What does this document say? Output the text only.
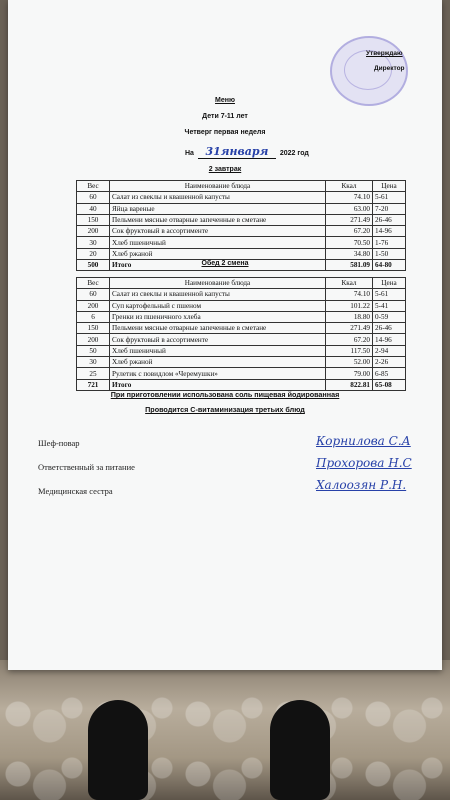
Утверждаю
Директор
Меню
Дети 7-11 лет
Четверг первая неделя
На 31января 2022 год
2 завтрак
Вес	Наименование блюда	Ккал	Цена
60	Салат из свеклы и квашенной капусты	74.10	5-61
40	Яйца вареные	63.00	7-20
150	Пельмени мясные отварные запеченные в сметане	271.49	26-46
200	Сок фруктовый в ассортименте	67.20	14-96
30	Хлеб пшеничный	70.50	1-76
20	Хлеб ржаной	34.80	1-50
500	Итого	581.09	64-80
Обед 2 смена
Вес	Наименование блюда	Ккал	Цена
60	Салат из свеклы и квашенной капусты	74.10	5-61
200	Суп картофельный с пшеном	101.22	5-41
6	Гренки из пшеничного хлеба	18.80	0-59
150	Пельмени мясные отварные запеченные в сметане	271.49	26-46
200	Сок фруктовый в ассортименте	67.20	14-96
50	Хлеб пшеничный	117.50	2-94
30	Хлеб ржаной	52.00	2-26
25	Рулетик с повидлом «Черемушки»	79.00	6-85
721	Итого	822.81	65-08
При приготовлении использована соль пищевая йодированная
Проводится С-витаминизация третьих блюд
Шеф-повар	Корнилова С.А
Ответственный за питание	Прохорова Н.С
Медицинская сестра	Халоозян Р.Н.
